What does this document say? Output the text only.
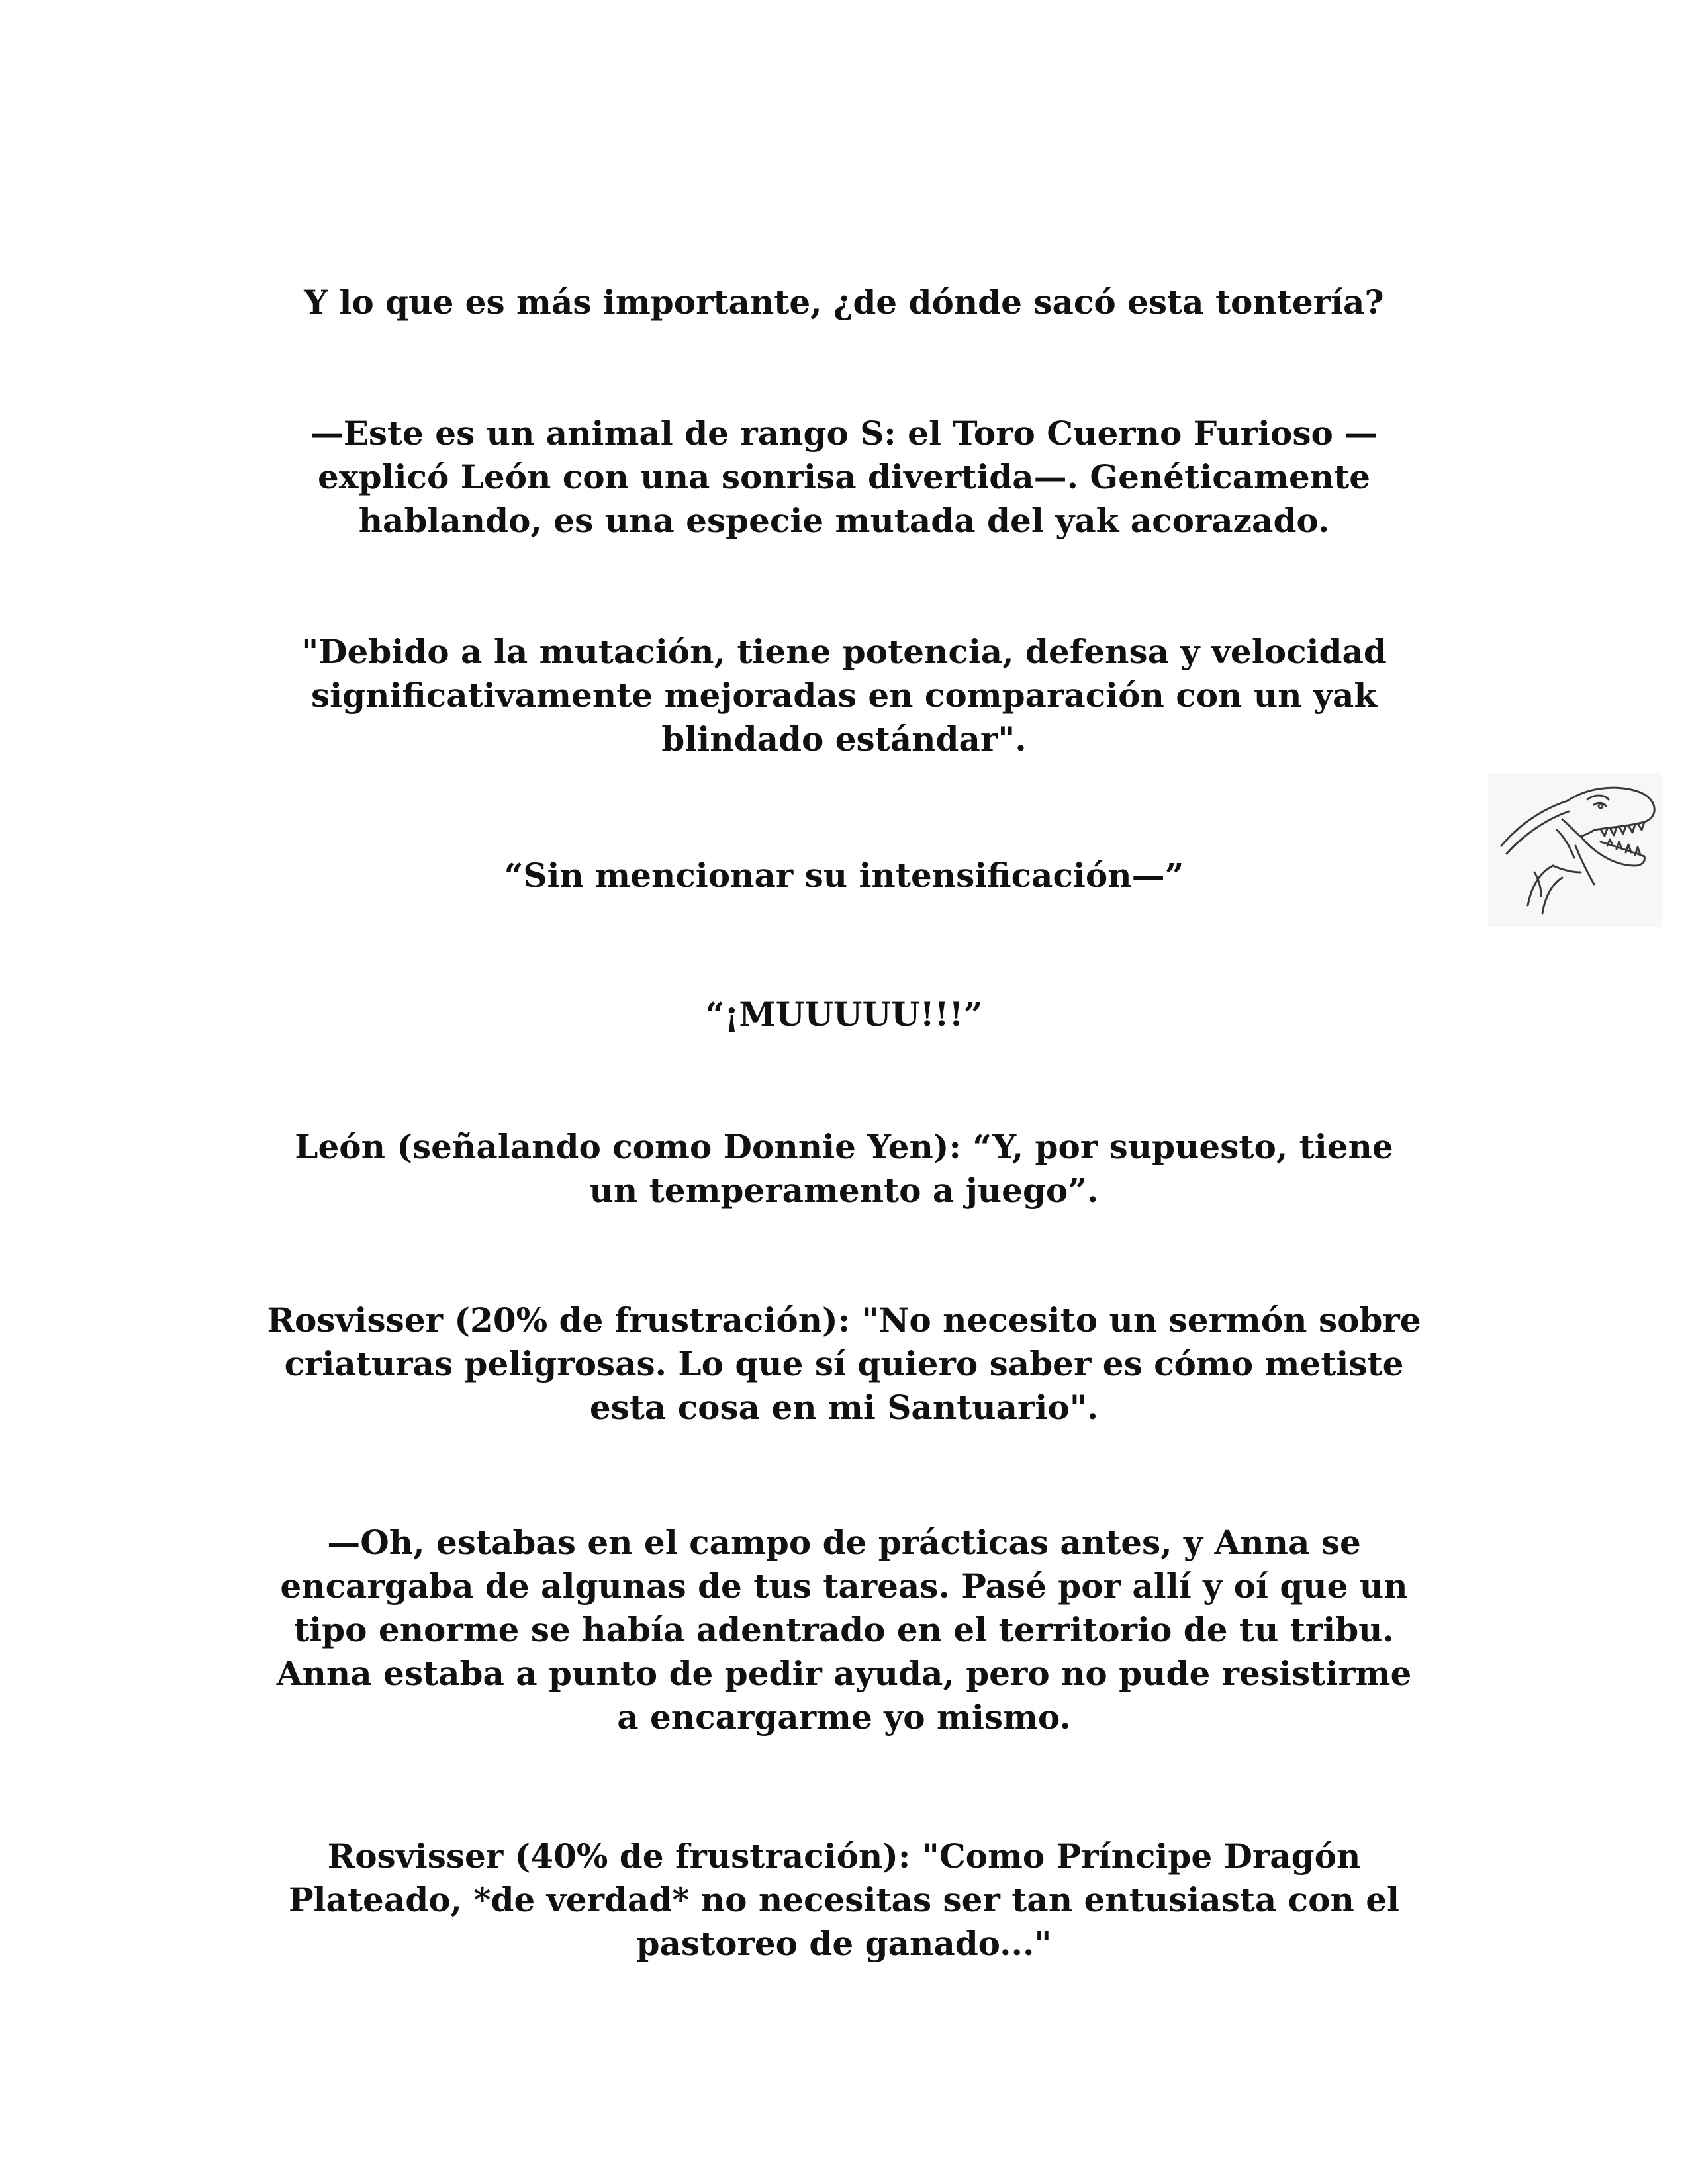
Y lo que es más importante, ¿de dónde sacó esta tontería?

—Este es un animal de rango S: el Toro Cuerno Furioso —
explicó León con una sonrisa divertida—. Genéticamente
hablando, es una especie mutada del yak acorazado.

"Debido a la mutación, tiene potencia, defensa y velocidad
significativamente mejoradas en comparación con un yak
blindado estándar".

“Sin mencionar su intensificación—”

“¡MUUUUU!!!”

León (señalando como Donnie Yen): “Y, por supuesto, tiene
un temperamento a juego”.

Rosvisser (20% de frustración): "No necesito un sermón sobre
criaturas peligrosas. Lo que sí quiero saber es cómo metiste
esta cosa en mi Santuario".

—Oh, estabas en el campo de prácticas antes, y Anna se
encargaba de algunas de tus tareas. Pasé por allí y oí que un
tipo enorme se había adentrado en el territorio de tu tribu.
Anna estaba a punto de pedir ayuda, pero no pude resistirme
a encargarme yo mismo.

Rosvisser (40% de frustración): "Como Príncipe Dragón
Plateado, *de verdad* no necesitas ser tan entusiasta con el
pastoreo de ganado..."
